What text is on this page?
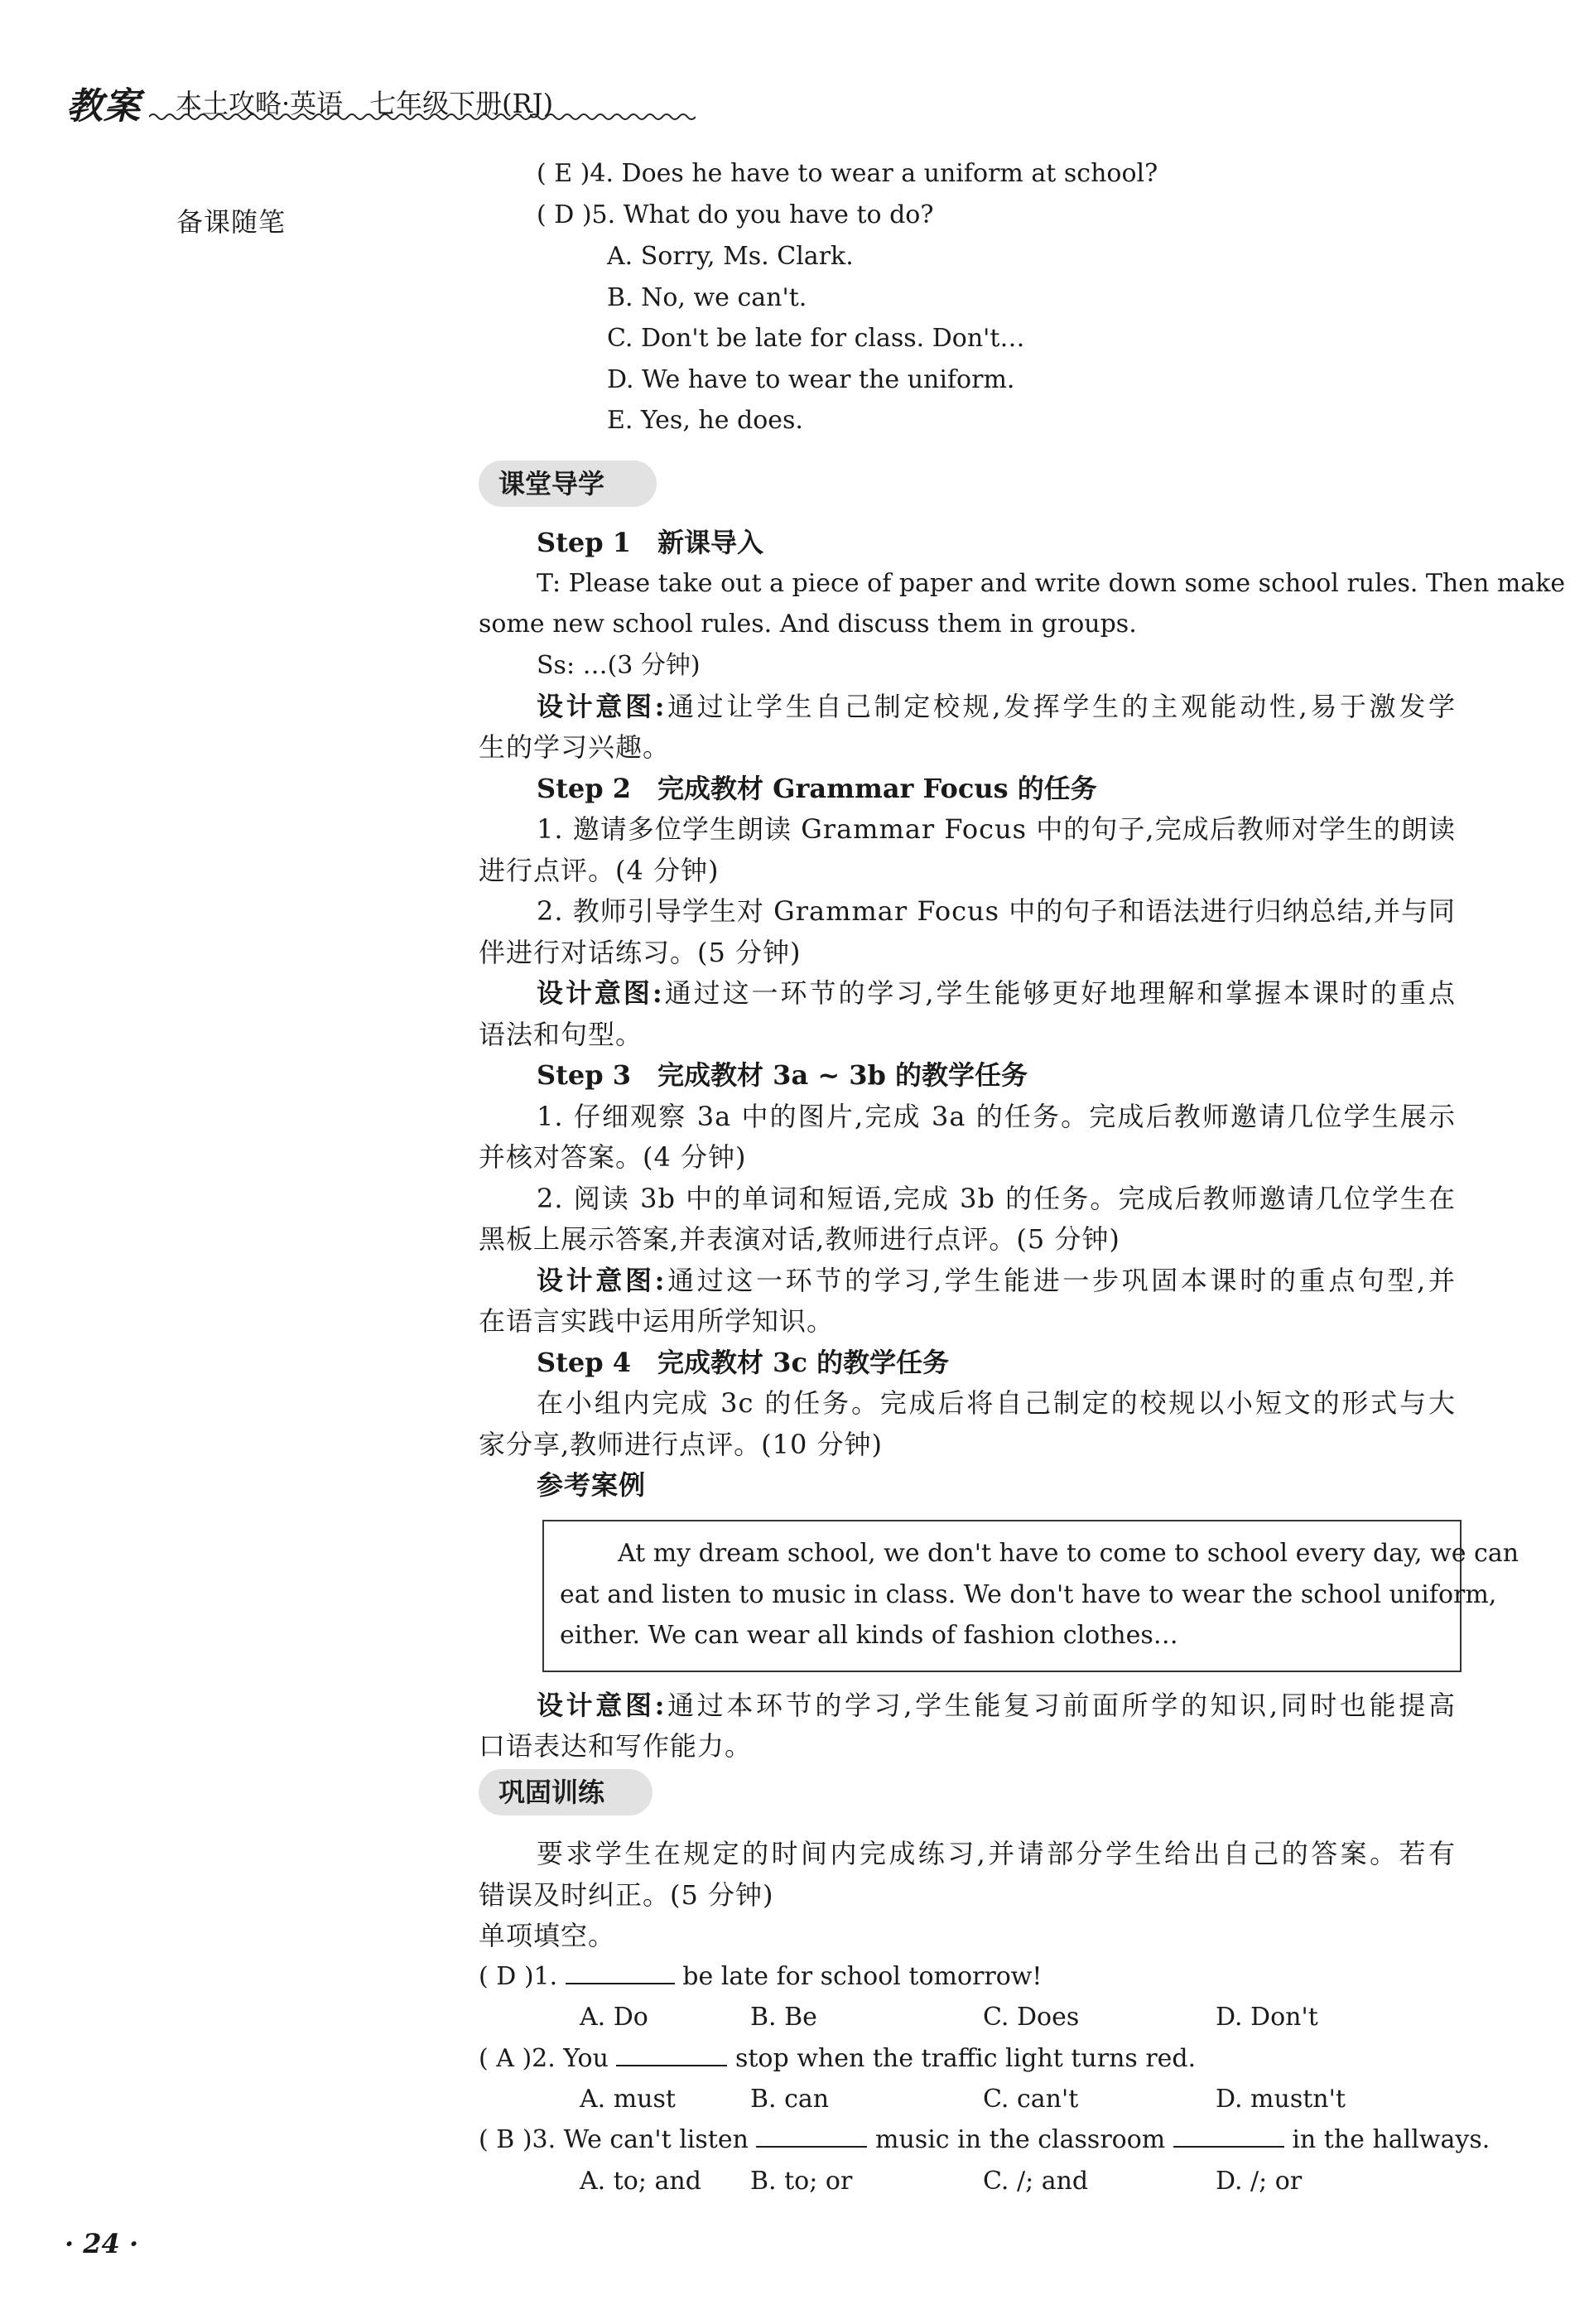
教案 本土攻略·英语　七年级下册(RJ)
备课随笔
( E )4. Does he have to wear a uniform at school?
( D )5. What do you have to do?
A. Sorry, Ms. Clark.
B. No, we can't.
C. Don't be late for class. Don't…
D. We have to wear the uniform.
E. Yes, he does.
课堂导学
Step 1　新课导入
T: Please take out a piece of paper and write down some school rules. Then make
some new school rules. And discuss them in groups.
Ss: …(3 分钟)
设计意图:通过让学生自己制定校规,发挥学生的主观能动性,易于激发学
生的学习兴趣。
Step 2　完成教材 Grammar Focus 的任务
1. 邀请多位学生朗读 Grammar Focus 中的句子,完成后教师对学生的朗读
进行点评。(4 分钟)
2. 教师引导学生对 Grammar Focus 中的句子和语法进行归纳总结,并与同
伴进行对话练习。(5 分钟)
设计意图:通过这一环节的学习,学生能够更好地理解和掌握本课时的重点
语法和句型。
Step 3　完成教材 3a ~ 3b 的教学任务
1. 仔细观察 3a 中的图片,完成 3a 的任务。完成后教师邀请几位学生展示
并核对答案。(4 分钟)
2. 阅读 3b 中的单词和短语,完成 3b 的任务。完成后教师邀请几位学生在
黑板上展示答案,并表演对话,教师进行点评。(5 分钟)
设计意图:通过这一环节的学习,学生能进一步巩固本课时的重点句型,并
在语言实践中运用所学知识。
Step 4　完成教材 3c 的教学任务
在小组内完成 3c 的任务。完成后将自己制定的校规以小短文的形式与大
家分享,教师进行点评。(10 分钟)
参考案例
At my dream school, we don't have to come to school every day, we can
eat and listen to music in class. We don't have to wear the school uniform,
either. We can wear all kinds of fashion clothes…
设计意图:通过本环节的学习,学生能复习前面所学的知识,同时也能提高
口语表达和写作能力。
巩固训练
要求学生在规定的时间内完成练习,并请部分学生给出自己的答案。若有
错误及时纠正。(5 分钟)
单项填空。
( D )1.	be late for school tomorrow!
A. Do	B. Be	C. Does	D. Don't
( A )2. You	stop when the traffic light turns red.
A. must	B. can	C. can't	D. mustn't
( B )3. We can't listen	music in the classroom	in the hallways.
A. to; and B. to; or	C. /; and	D. /; or
· 24 ·
